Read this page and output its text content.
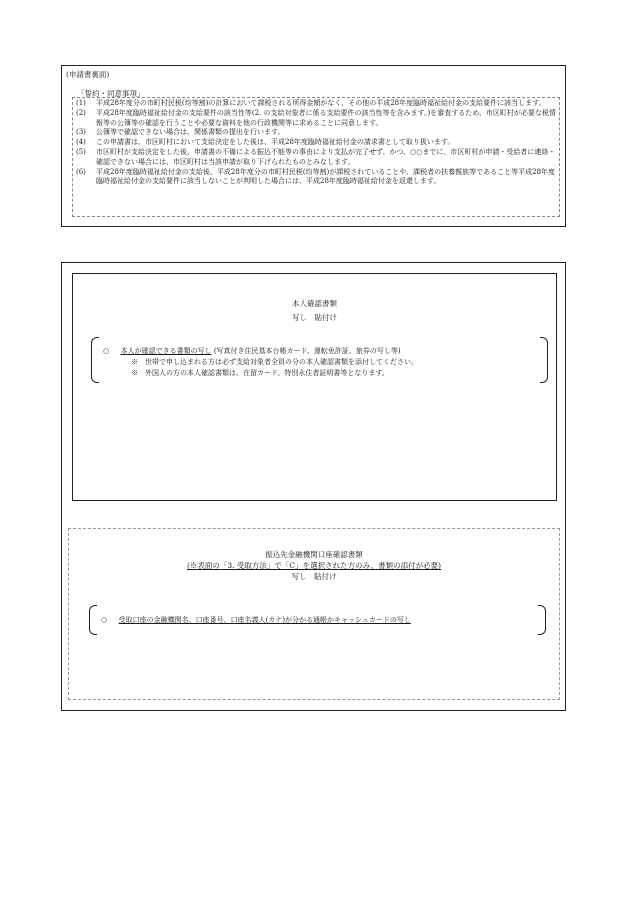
(申請書裏面)
「誓約・同意事項」
(1)	平成28年度分の市町村民税(均等割)の計算において課税される所得金額がなく、その他の平成28年度臨時福祉給付金の支給要件に該当します。
(2)	平成28年度臨時福祉給付金の支給要件の該当性等(2. の支給対象者に係る支給要件の該当性等を含みます。)を審査するため、市区町村が必要な税情報等の公簿等の確認を行うことや必要な資料を他の行政機関等に求めることに同意します。
(3)	公簿等で確認できない場合は、関係書類の提出を行います。
(4)	この申請書は、市区町村において支給決定をした後は、平成28年度臨時福祉給付金の請求書として取り扱います。
(5)	市区町村が支給決定をした後、申請書の不備による振込不能等の事由により支払が完了せず、かつ、○○までに、市区町村が申請・受給者に連絡・確認できない場合には、市区町村は当該申請が取り下げられたものとみなします。
(6)	平成28年度臨時福祉給付金の支給後、平成28年度分の市町村民税(均等割)が課税されていることや、課税者の扶養親族等であること等平成28年度臨時福祉給付金の支給要件に該当しないことが判明した場合には、平成28年度臨時福祉給付金を返還します。
本人確認書類
写し　貼付け
○ 　 本人が確認できる書類の写し (写真付き住民基本台帳カード、運転免許証、旅券の写し等)
※　世帯で申し込まれる方は必ず支給対象者全員の分の本人確認書類を添付してください。
※　外国人の方の本人確認書類は、在留カード、特別永住者証明書等となります。
振込先金融機関口座確認書類
(※表面の「3. 受取方法」で「C」を選択された方のみ、書類の添付が必要)
写し　貼付け
○ 　 受取口座の金融機関名、口座番号、口座名義人(カナ)が分かる通帳かキャッシュカードの写し
